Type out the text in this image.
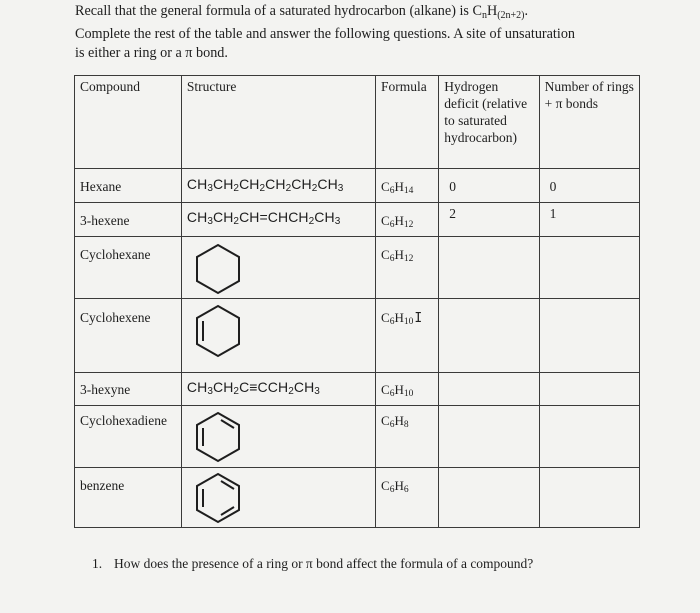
Recall that the general formula of a saturated hydrocarbon (alkane) is $C_nH_{(2n+2)}$.

Complete the rest of the table and answer the following questions. A site of unsaturation

is either a ring or a π bond.

Compound	Structure	Formula	Hydrogen deficit (relative to saturated hydrocarbon)	Number of rings + π bonds
Hexane	$CH_3CH_2CH_2CH_2CH_2CH_3$	$C_6H_{14}$	0	0
3-hexene	$CH_3CH_2CH=CHCH_2CH_3$	$C_6H_{12}$	2	1
Cyclohexane		$C_6H_{12}$		
Cyclohexene		$C_6H_{10}I$		
3-hexyne	$CH_3CH_2C\equiv CCH_2CH_3$	$C_6H_{10}$		
Cyclohexadiene		$C_6H_8$		
benzene		$C_6H_6$		
1. How does the presence of a ring or π bond affect the formula of a compound?
